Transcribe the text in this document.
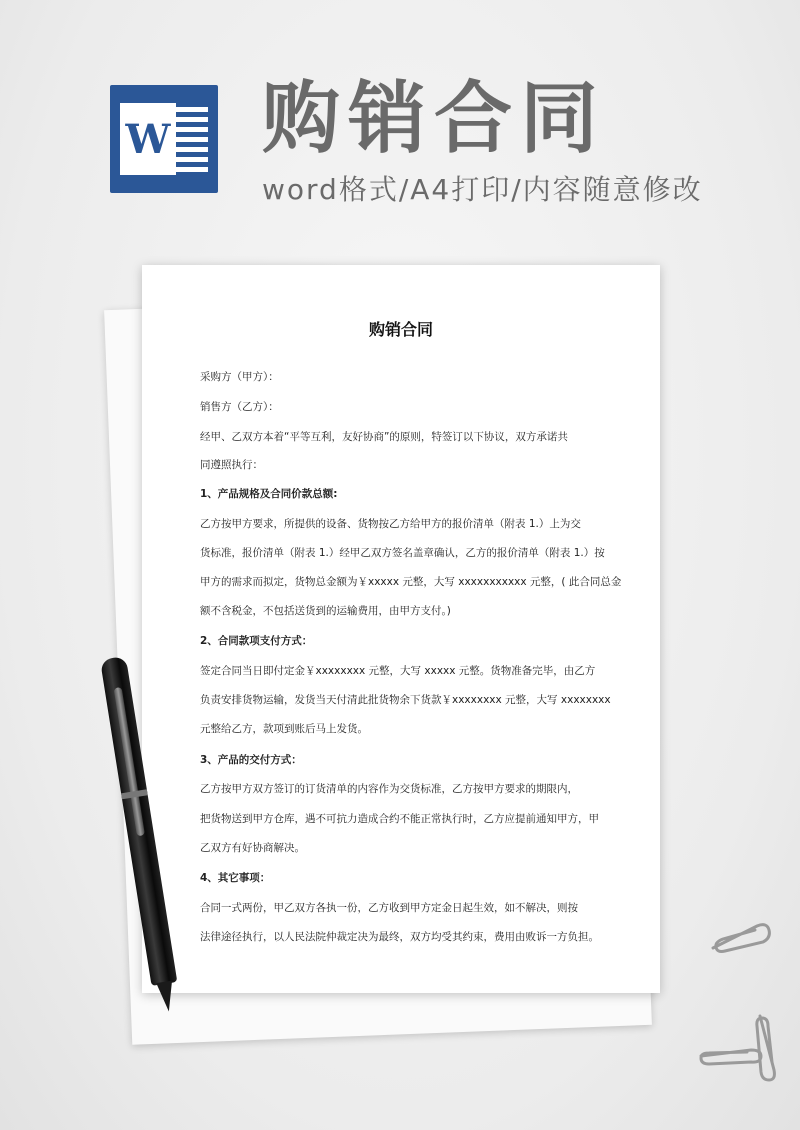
W 购销合同
word格式/A4打印/内容随意修改
购销合同
采购方（甲方）：
销售方（乙方）：
经甲、乙双方本着“平等互利，友好协商”的原则，特签订以下协议，双方承诺共
同遵照执行：
1、产品规格及合同价款总额:
乙方按甲方要求，所提供的设备、货物按乙方给甲方的报价清单（附表 1.）上为交
货标准，报价清单（附表 1.）经甲乙双方签名盖章确认，乙方的报价清单（附表 1.）按
甲方的需求而拟定，货物总金额为￥xxxxx 元整，大写 xxxxxxxxxxx 元整，( 此合同总金
额不含税金，不包括送货到的运输费用，由甲方支付。)
2、合同款项支付方式：
签定合同当日即付定金￥xxxxxxxx 元整，大写 xxxxx 元整。货物准备完毕，由乙方
负责安排货物运输，发货当天付清此批货物余下货款￥xxxxxxxx 元整，大写 xxxxxxxx
元整给乙方，款项到账后马上发货。
3、产品的交付方式：
乙方按甲方双方签订的订货清单的内容作为交货标准，乙方按甲方要求的期限内，
把货物送到甲方仓库，遇不可抗力造成合约不能正常执行时，乙方应提前通知甲方，甲
乙双方有好协商解决。
4、其它事项：
合同一式两份，甲乙双方各执一份，乙方收到甲方定金日起生效，如不解决，则按
法律途径执行，以人民法院仲裁定决为最终，双方均受其约束，费用由败诉一方负担。
